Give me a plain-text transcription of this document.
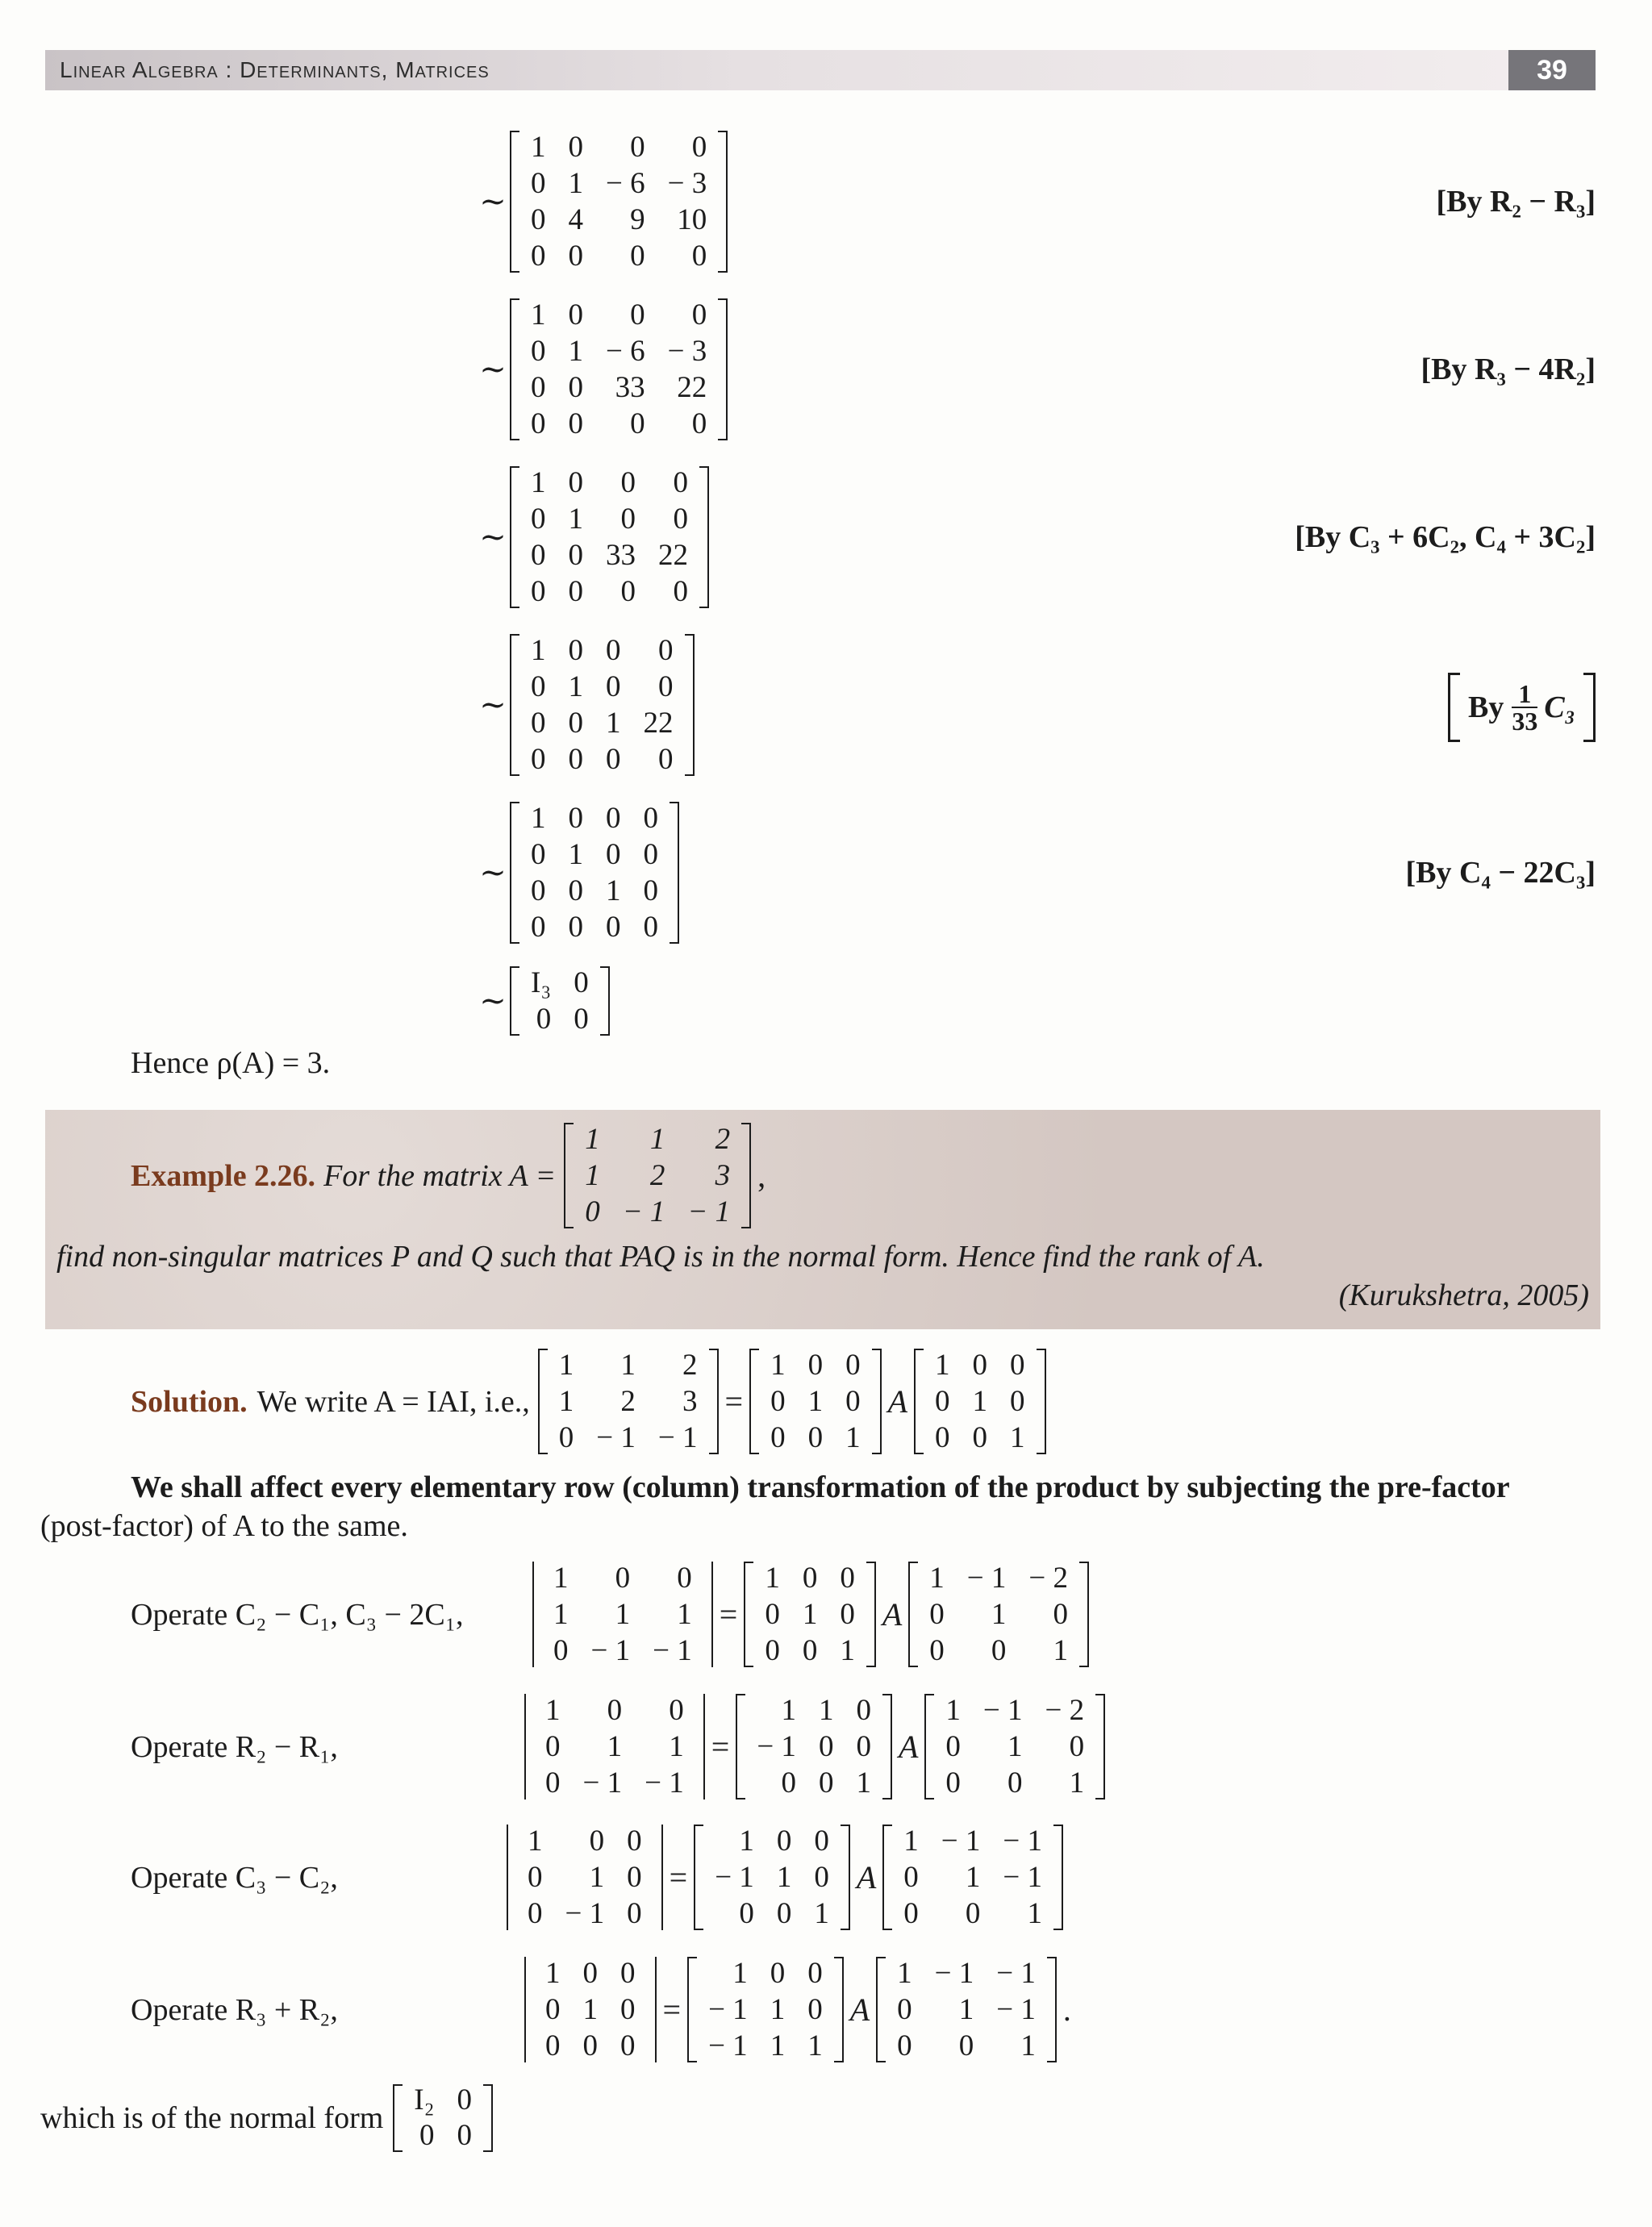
Linear Algebra : Determinants, Matrices	39
~
1	0	0	0
0	1	− 6	− 3
0	4	9	10
0	0	0	0
[By R₂ − R₃]
~
1	0	0	0
0	1	− 6	− 3
0	0	33	22
0	0	0	0
[By R₃ − 4R₂]
~
1	0	0	0
0	1	0	0
0	0	33	22
0	0	0	0
[By C₃ + 6C₂, C₄ + 3C₂]
~
1	0	0	0
0	1	0	0
0	0	1	22
0	0	0	0
By $\frac{1}{33} C_3$
~
1	0	0	0
0	1	0	0
0	0	1	0
0	0	0	0
[By C₄ − 22C₃]
~ I₃	0
0	0
Hence ρ(A) = 3.
Example 2.26. For the matrix A =
1	1	2
1	2	3
0	− 1	− 1
,
find non-singular matrices P and Q such that PAQ is in the normal form. Hence find the rank of A.
(Kurukshetra, 2005)
Solution. We write A = IAI, i.e.,
1	1	2
1	2	3
0	− 1	− 1
=
1	0	0
0	1	0
0	0	1
A
1	0	0
0	1	0
0	0	1
We shall affect every elementary row (column) transformation of the product by subjecting the pre-factor
(post-factor) of A to the same.
Operate C₂ − C₁, C₃ − 2C₁,
1	0	0
1	1	1
0	− 1	− 1
=
1	0	0
0	1	0
0	0	1
A
1	− 1	− 2
0	1	0
0	0	1
Operate R₂ − R₁,
1	0	0
0	1	1
0	− 1	− 1
=
1	1	0
− 1	0	0
0	0	1
A
1	− 1	− 2
0	1	0
0	0	1
Operate C₃ − C₂,
1	0	0
0	1	0
0	− 1	0
=
1	0	0
− 1	1	0
0	0	1
A
1	− 1	− 1
0	1	− 1
0	0	1
Operate R₃ + R₂,
1	0	0
0	1	0
0	0	0
=
1	0	0
− 1	1	0
− 1	1	1
A
1	− 1	− 1
0	1	− 1
0	0	1
.
which is of the normal form
I₂	0
0	0
